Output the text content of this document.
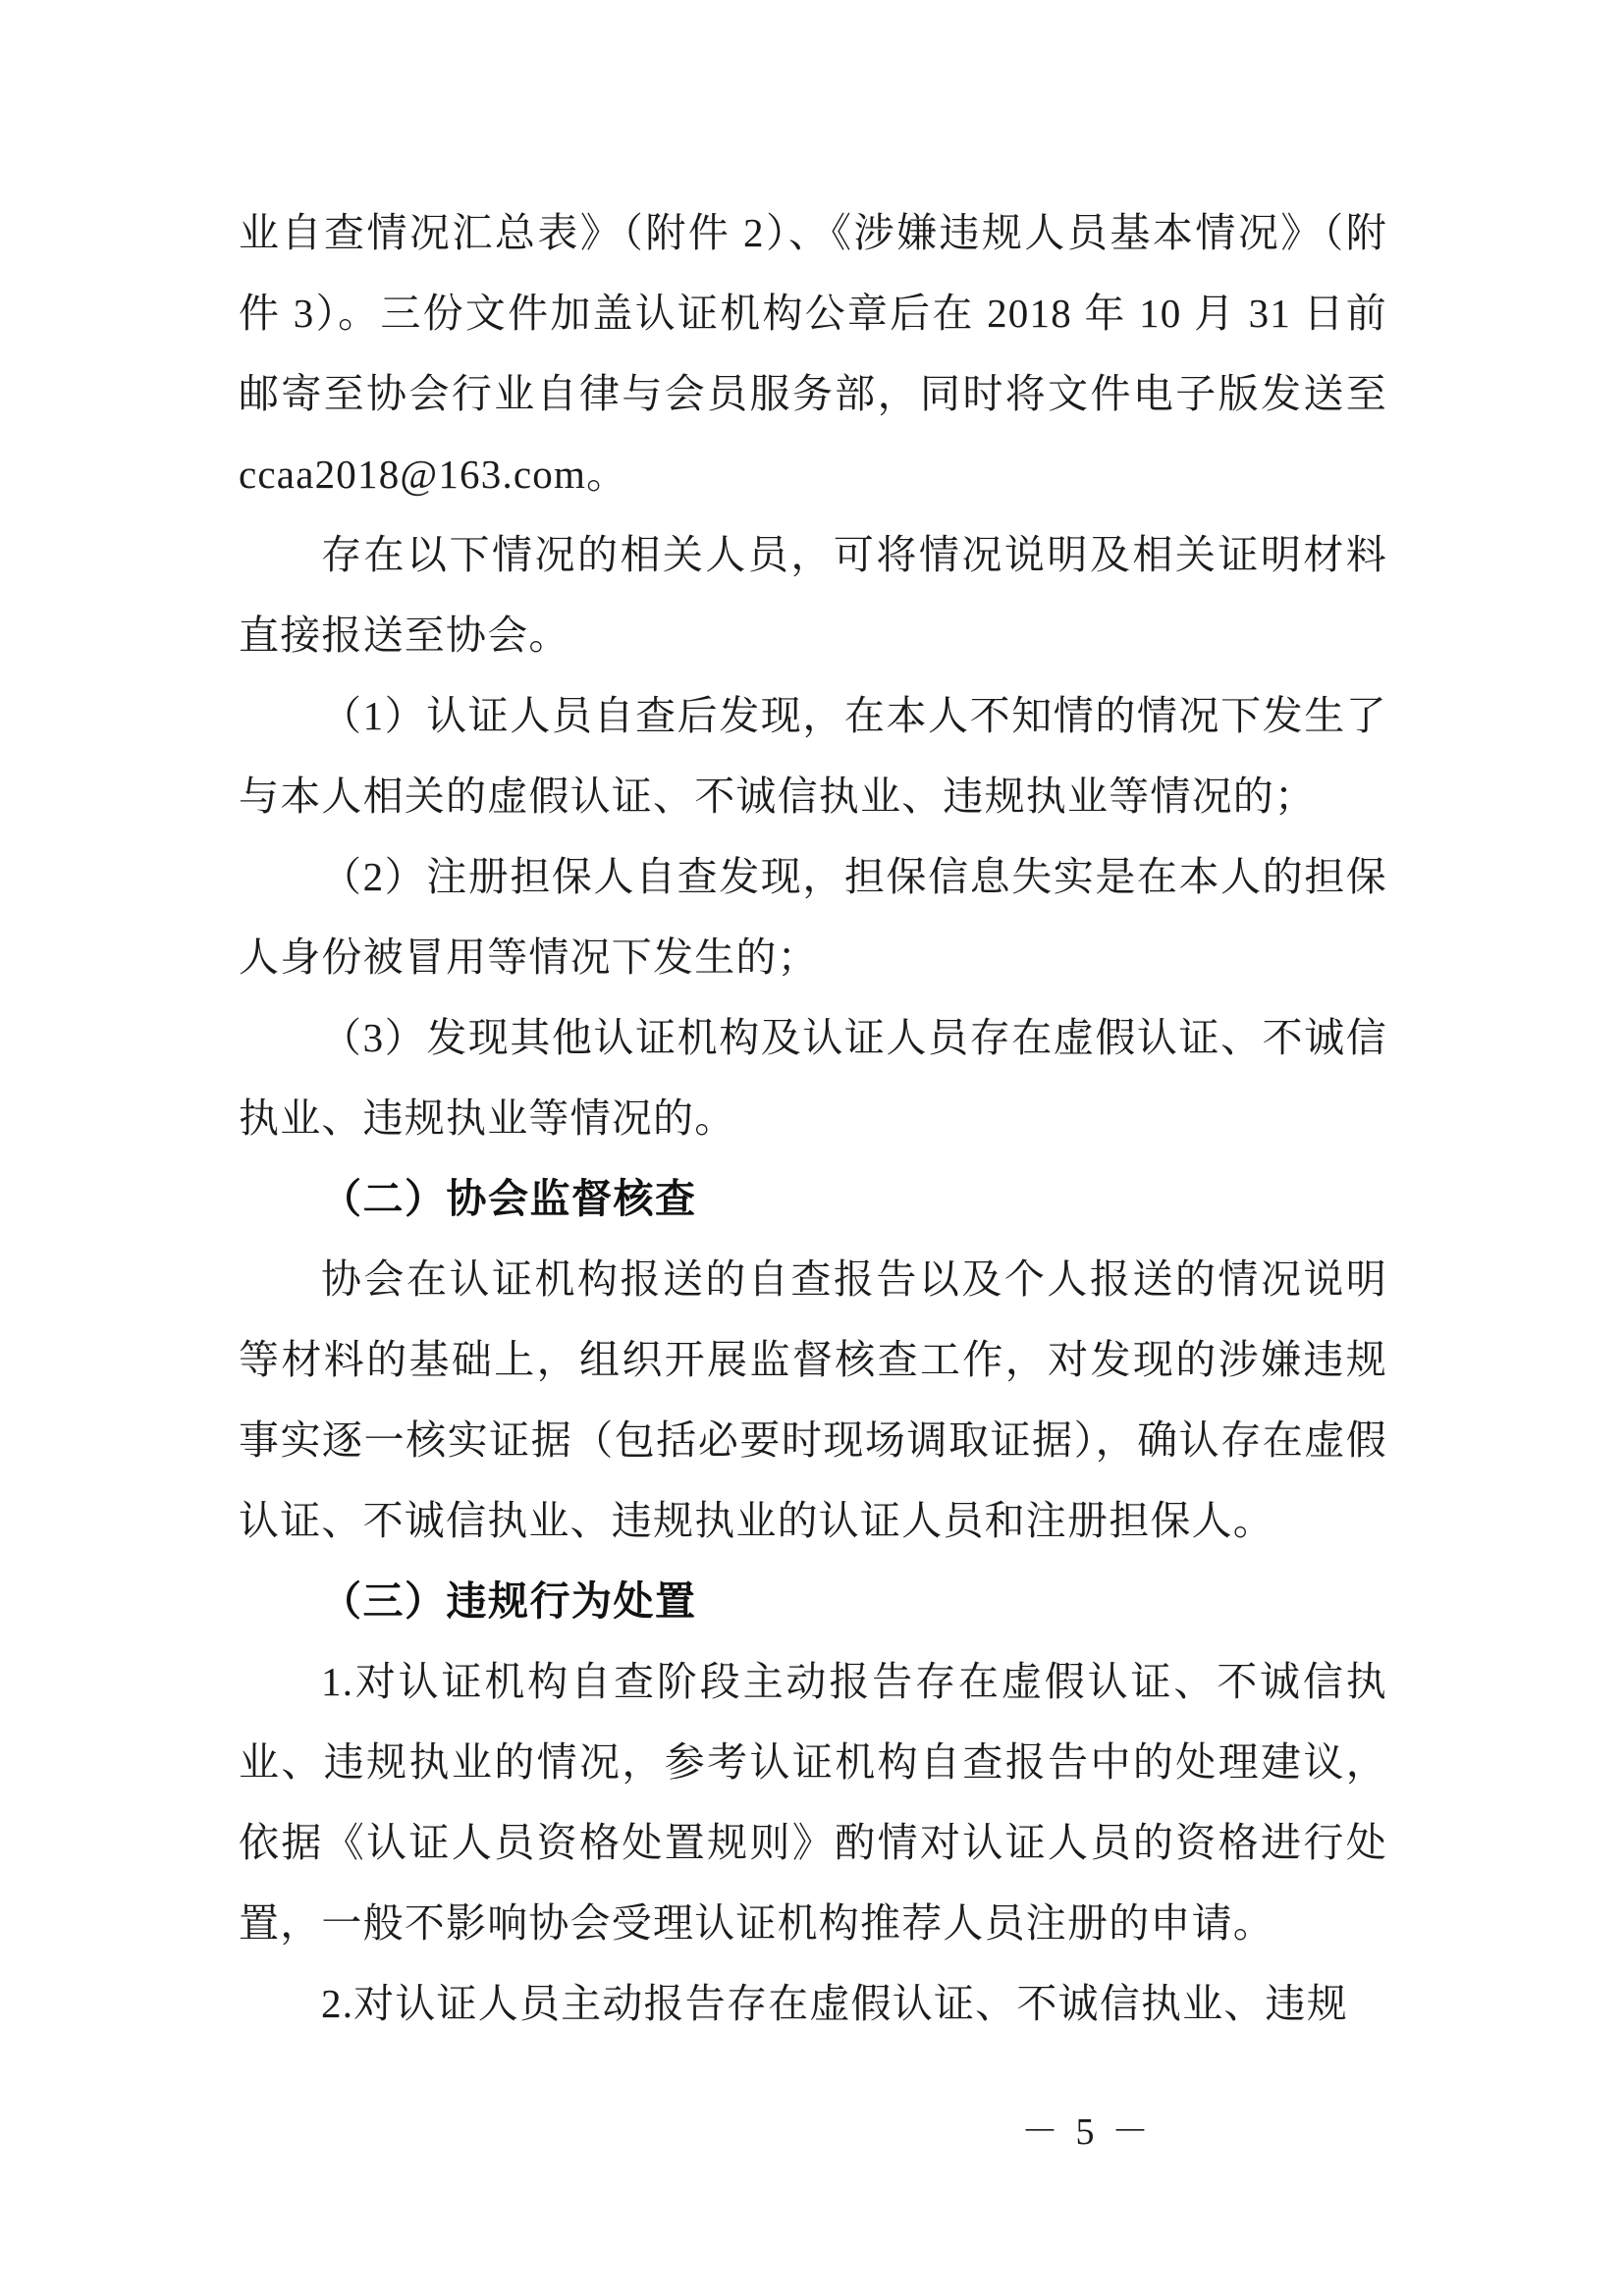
业自查情况汇总表》（附件 2）、《涉嫌违规人员基本情况》（附件 3）。三份文件加盖认证机构公章后在 2018 年 10 月 31 日前邮寄至协会行业自律与会员服务部，同时将文件电子版发送至 ccaa2018@163.com。

存在以下情况的相关人员，可将情况说明及相关证明材料直接报送至协会。

（1）认证人员自查后发现，在本人不知情的情况下发生了与本人相关的虚假认证、不诚信执业、违规执业等情况的；

（2）注册担保人自查发现，担保信息失实是在本人的担保人身份被冒用等情况下发生的；

（3）发现其他认证机构及认证人员存在虚假认证、不诚信执业、违规执业等情况的。

（二）协会监督核查

协会在认证机构报送的自查报告以及个人报送的情况说明等材料的基础上，组织开展监督核查工作，对发现的涉嫌违规事实逐一核实证据（包括必要时现场调取证据），确认存在虚假认证、不诚信执业、违规执业的认证人员和注册担保人。

（三）违规行为处置

1.对认证机构自查阶段主动报告存在虚假认证、不诚信执业、违规执业的情况，参考认证机构自查报告中的处理建议，依据《认证人员资格处置规则》酌情对认证人员的资格进行处置，一般不影响协会受理认证机构推荐人员注册的申请。

2.对认证人员主动报告存在虚假认证、不诚信执业、违规

－ 5 －
